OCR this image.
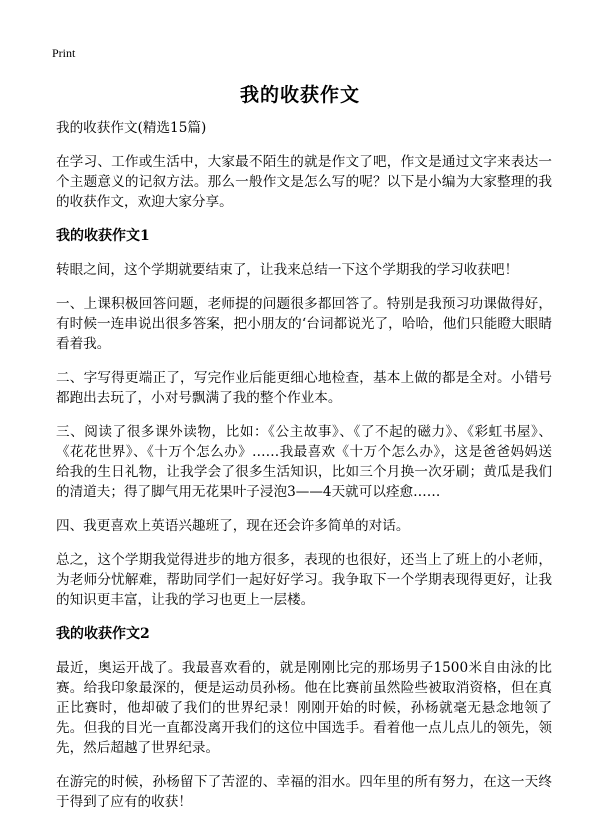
Print
我的收获作文
我的收获作文(精选15篇)

在学习、工作或生活中，大家最不陌生的就是作文了吧，作文是通过文字来表达一个主题意义的记叙方法。那么一般作文是怎么写的呢？以下是小编为大家整理的我的收获作文，欢迎大家分享。

我的收获作文1

转眼之间，这个学期就要结束了，让我来总结一下这个学期我的学习收获吧！

一、上课积极回答问题，老师提的问题很多都回答了。特别是我预习功课做得好，有时候一连串说出很多答案，把小朋友的‘台词都说光了，哈哈，他们只能瞪大眼睛看着我。

二、字写得更端正了，写完作业后能更细心地检查，基本上做的都是全对。小错号都跑出去玩了，小对号飘满了我的整个作业本。

三、阅读了很多课外读物，比如：《公主故事》、《了不起的磁力》、《彩虹书屋》、《花花世界》、《十万个怎么办》……我最喜欢《十万个怎么办》，这是爸爸妈妈送给我的生日礼物，让我学会了很多生活知识，比如三个月换一次牙刷；黄瓜是我们的清道夫；得了脚气用无花果叶子浸泡3——4天就可以痊愈……

四、我更喜欢上英语兴趣班了，现在还会许多简单的对话。

总之，这个学期我觉得进步的地方很多，表现的也很好，还当上了班上的小老师，为老师分忧解难，帮助同学们一起好好学习。我争取下一个学期表现得更好，让我的知识更丰富，让我的学习也更上一层楼。

我的收获作文2

最近，奥运开战了。我最喜欢看的，就是刚刚比完的那场男子1500米自由泳的比赛。给我印象最深的，便是运动员孙杨。他在比赛前虽然险些被取消资格，但在真正比赛时，他却破了我们的世界纪录！刚刚开始的时候，孙杨就毫无悬念地领了先。但我的目光一直都没离开我们的这位中国选手。看着他一点儿点儿的领先，领先，然后超越了世界纪录。

在游完的时候，孙杨留下了苦涩的、幸福的泪水。四年里的所有努力，在这一天终于得到了应有的收获！
